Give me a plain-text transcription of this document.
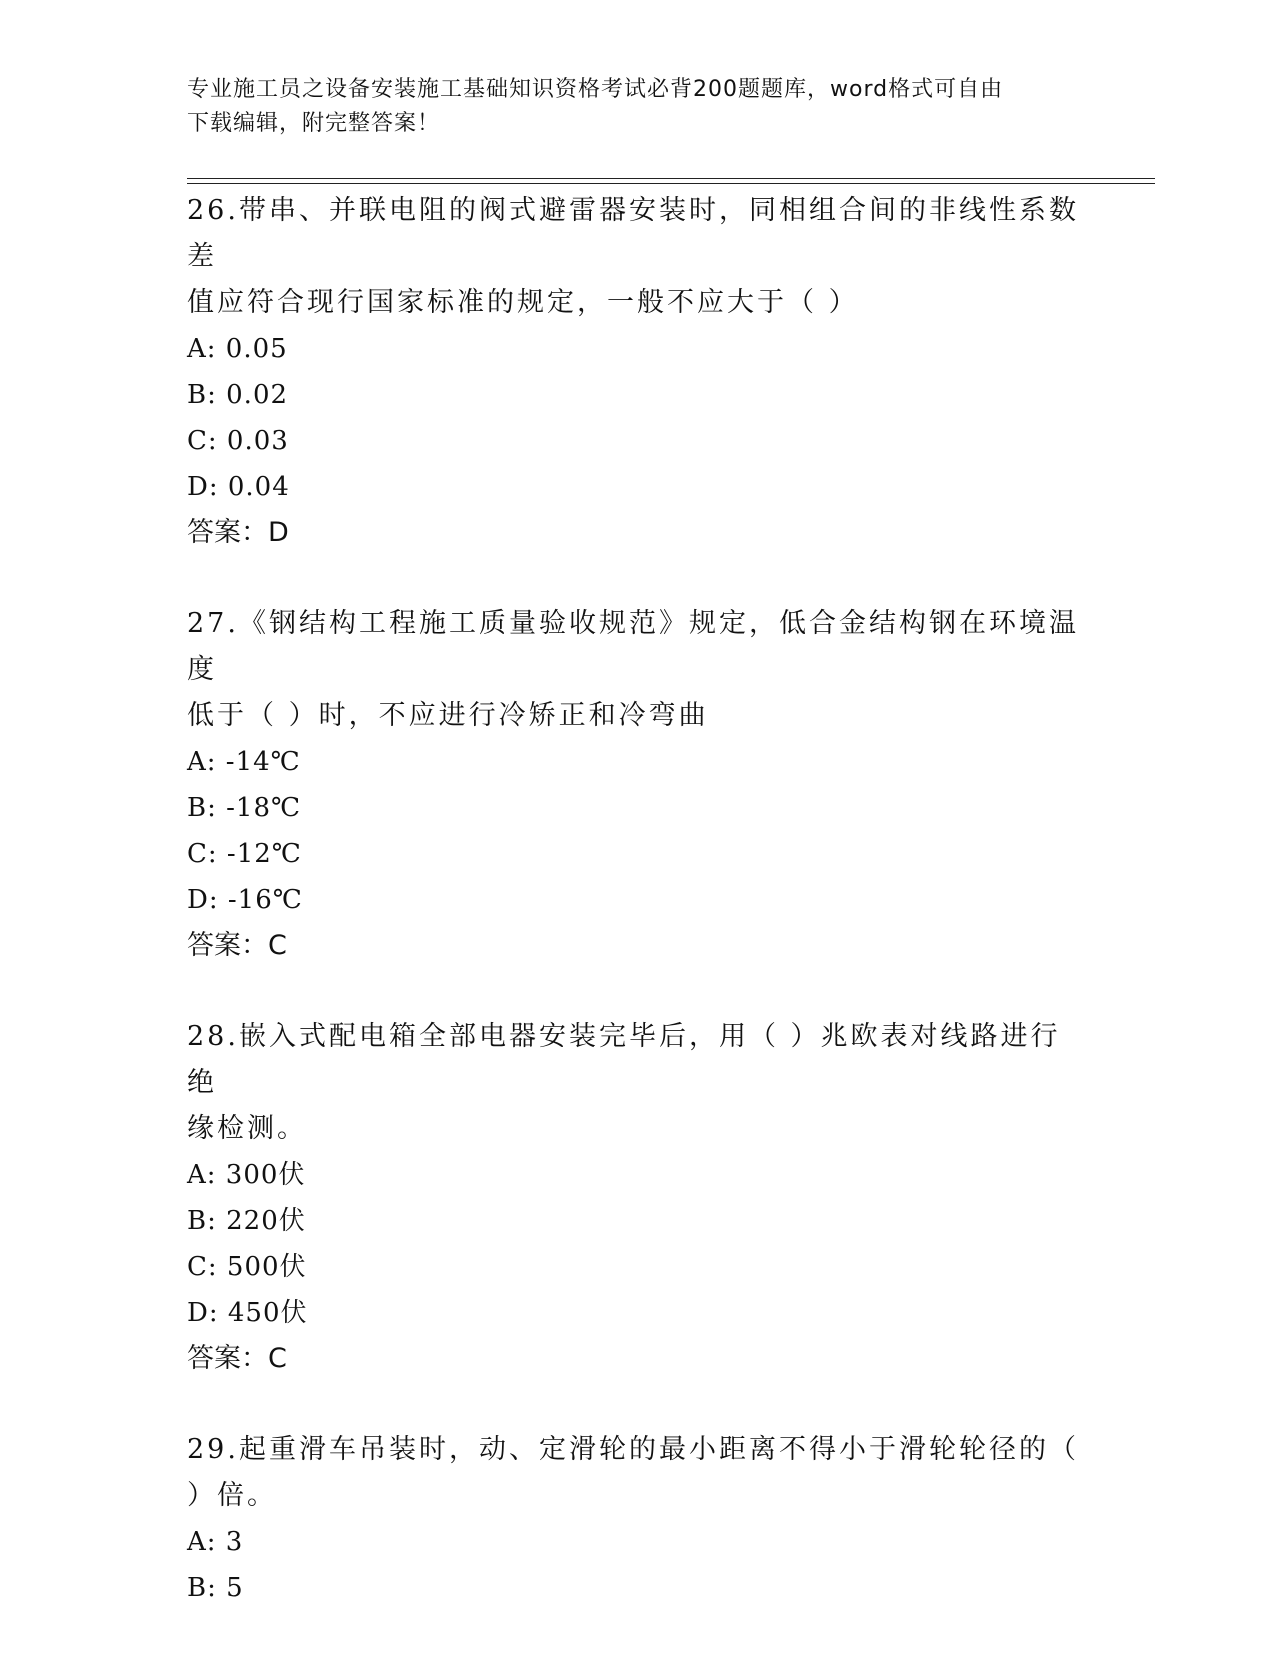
专业施工员之设备安装施工基础知识资格考试必背200题题库，word格式可自由
下载编辑，附完整答案！
26.带串、并联电阻的阀式避雷器安装时，同相组合间的非线性系数差
值应符合现行国家标准的规定，一般不应大于（ ）
A: 0.05
B: 0.02
C: 0.03
D: 0.04
答案：D
27.《钢结构工程施工质量验收规范》规定，低合金结构钢在环境温度
低于（ ）时，不应进行冷矫正和冷弯曲
A: -14℃
B: -18℃
C: -12℃
D: -16℃
答案：C
28.嵌入式配电箱全部电器安装完毕后，用（ ）兆欧表对线路进行绝
缘检测。
A: 300伏
B: 220伏
C: 500伏
D: 450伏
答案：C
29.起重滑车吊装时，动、定滑轮的最小距离不得小于滑轮轮径的（
）倍。
A: 3
B: 5
